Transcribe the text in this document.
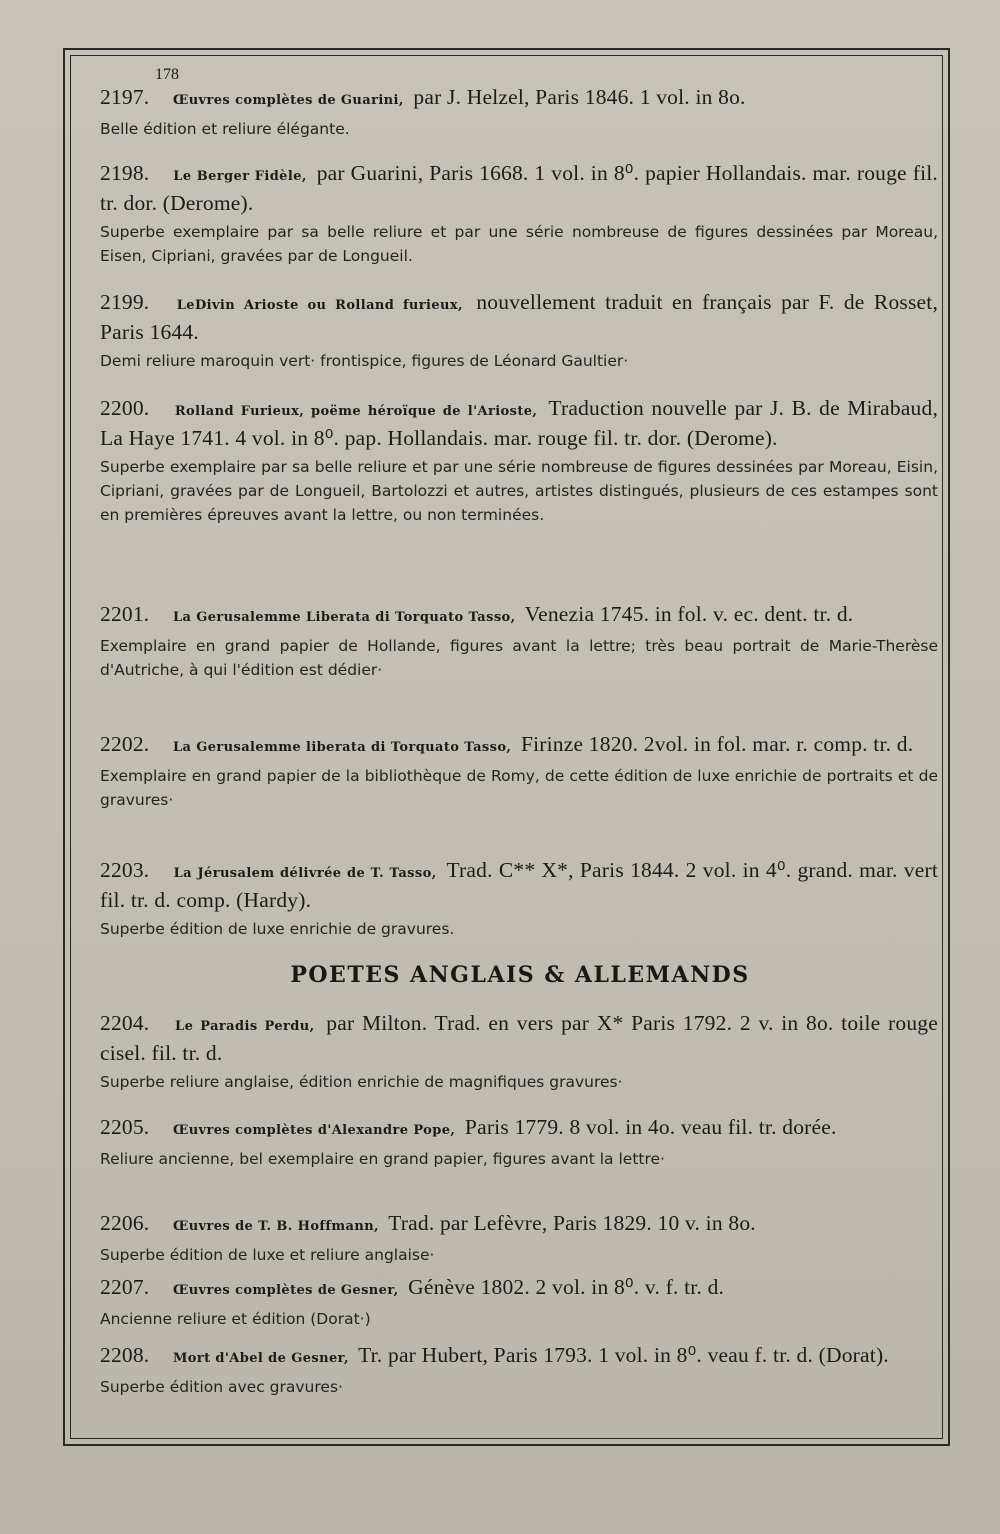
178
2197. Œuvres complètes de Guarini, par J. Helzel, Paris 1846. 1 vol. in 8o.
Belle édition et reliure élégante.
2198. Le Berger Fidèle, par Guarini, Paris 1668. 1 vol. in 8⁰. papier Hollandais. mar. rouge fil. tr. dor. (Derome).
Superbe exemplaire par sa belle reliure et par une série nombreuse de figures dessinées par Moreau, Eisen, Cipriani, gravées par de Longueil.
2199. LeDivin Arioste ou Rolland furieux, nouvellement traduit en français par F. de Rosset, Paris 1644.
Demi reliure maroquin vert· frontispice, figures de Léonard Gaultier·
2200. Rolland Furieux, poëme héroïque de l'Arioste, Traduction nouvelle par J. B. de Mirabaud, La Haye 1741. 4 vol. in 8⁰. pap. Hollandais. mar. rouge fil. tr. dor. (Derome).
Superbe exemplaire par sa belle reliure et par une série nombreuse de figures dessinées par Moreau, Eisin, Cipriani, gravées par de Longueil, Bartolozzi et autres, artistes distingués, plusieurs de ces estampes sont en premières épreuves avant la lettre, ou non terminées.
2201. La Gerusalemme Liberata di Torquato Tasso, Venezia 1745. in fol. v. ec. dent. tr. d.
Exemplaire en grand papier de Hollande, figures avant la lettre; très beau portrait de Marie-Therèse d'Autriche, à qui l'édition est dédier·
2202. La Gerusalemme liberata di Torquato Tasso, Firinze 1820. 2vol. in fol. mar. r. comp. tr. d.
Exemplaire en grand papier de la bibliothèque de Romy, de cette édition de luxe enrichie de portraits et de gravures·
2203. La Jérusalem délivrée de T. Tasso, Trad. C** X*, Paris 1844. 2 vol. in 4⁰. grand. mar. vert fil. tr. d. comp. (Hardy).
Superbe édition de luxe enrichie de gravures.
POETES ANGLAIS & ALLEMANDS
2204. Le Paradis Perdu, par Milton. Trad. en vers par X* Paris 1792. 2 v. in 8o. toile rouge cisel. fil. tr. d.
Superbe reliure anglaise, édition enrichie de magnifiques gravures·
2205. Œuvres complètes d'Alexandre Pope, Paris 1779. 8 vol. in 4o. veau fil. tr. dorée.
Reliure ancienne, bel exemplaire en grand papier, figures avant la lettre·
2206. Œuvres de T. B. Hoffmann, Trad. par Lefèvre, Paris 1829. 10 v. in 8o.
Superbe édition de luxe et reliure anglaise·
2207. Œuvres complètes de Gesner, Génève 1802. 2 vol. in 8⁰. v. f. tr. d.
Ancienne reliure et édition (Dorat·)
2208. Mort d'Abel de Gesner, Tr. par Hubert, Paris 1793. 1 vol. in 8⁰. veau f. tr. d. (Dorat).
Superbe édition avec gravures·
